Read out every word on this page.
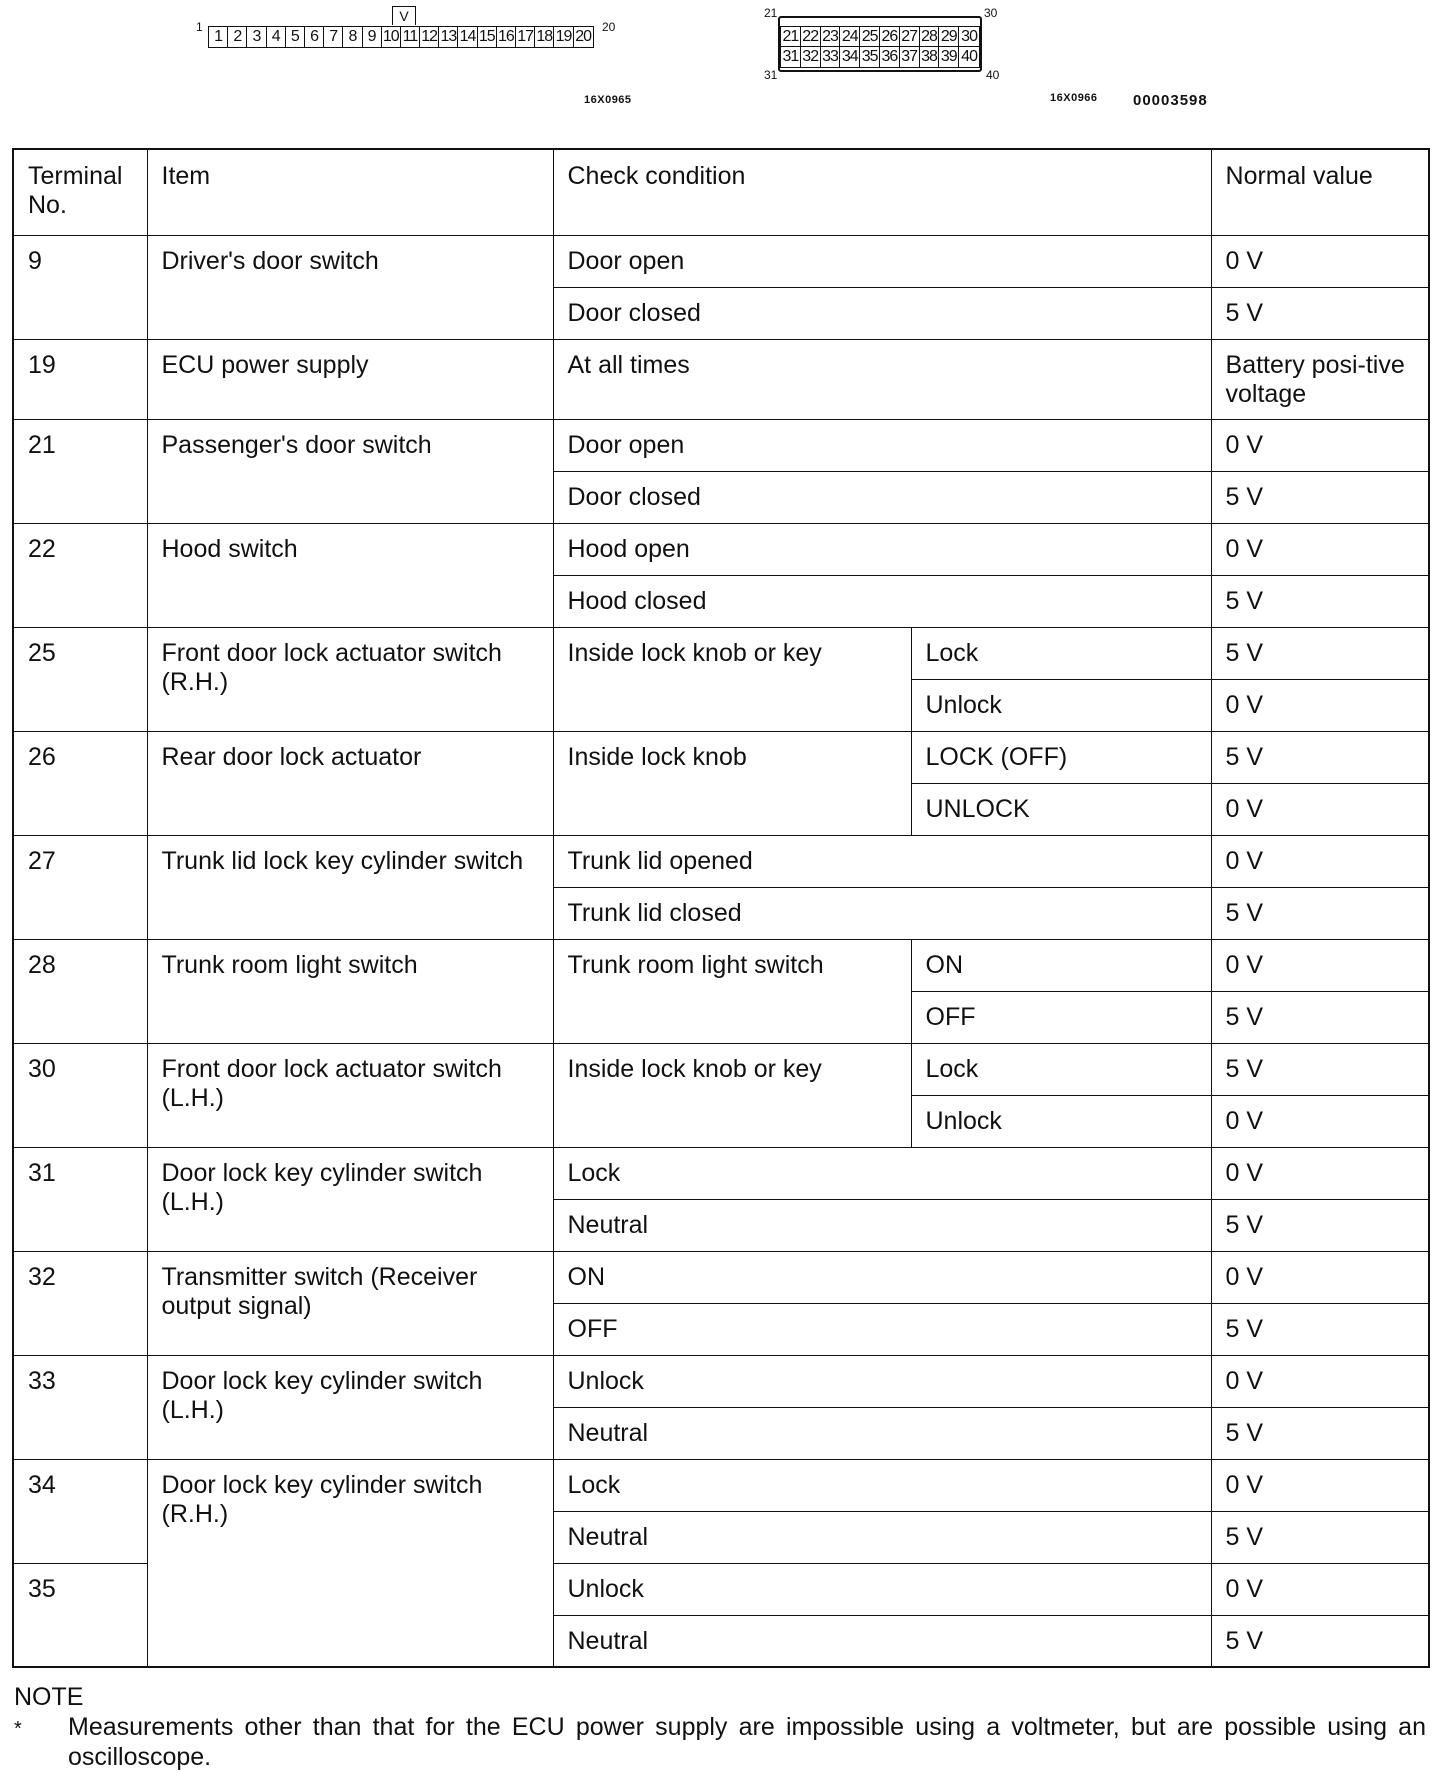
1
V
1 2 3 4 5 6 7 8 9 10 11 12 13 14 15 16 17 18 19 20
20
16X0965
21	30
21 22 23 24 25 26 27 28 29 30
31 32 33 34 35 36 37 38 39 40
31	40
16X0966 00003598
Terminal No.	Item	Check condition		Normal value
9	Driver's door switch	Door open		0 V
		Door closed		5 V
19	ECU power supply	At all times		Battery posi-tive voltage
21	Passenger's door switch	Door open		0 V
		Door closed		5 V
22	Hood switch	Hood open		0 V
		Hood closed		5 V
25	Front door lock actuator switch (R.H.)	Inside lock knob or key	Lock	5 V
			Unlock	0 V
26	Rear door lock actuator	Inside lock knob	LOCK (OFF)	5 V
			UNLOCK	0 V
27	Trunk lid lock key cylinder switch	Trunk lid opened		0 V
		Trunk lid closed		5 V
28	Trunk room light switch	Trunk room light switch	ON	0 V
			OFF	5 V
30	Front door lock actuator switch (L.H.)	Inside lock knob or key	Lock	5 V
			Unlock	0 V
31	Door lock key cylinder switch (L.H.)	Lock		0 V
		Neutral		5 V
32	Transmitter switch (Receiver output signal)	ON		0 V
		OFF		5 V
33	Door lock key cylinder switch (L.H.)	Unlock		0 V
		Neutral		5 V
34	Door lock key cylinder switch (R.H.)	Lock		0 V
		Neutral		5 V
35		Unlock		0 V
		Neutral		5 V
NOTE
* Measurements other than that for the ECU power supply are impossible using a voltmeter, but are possible using an oscilloscope.
